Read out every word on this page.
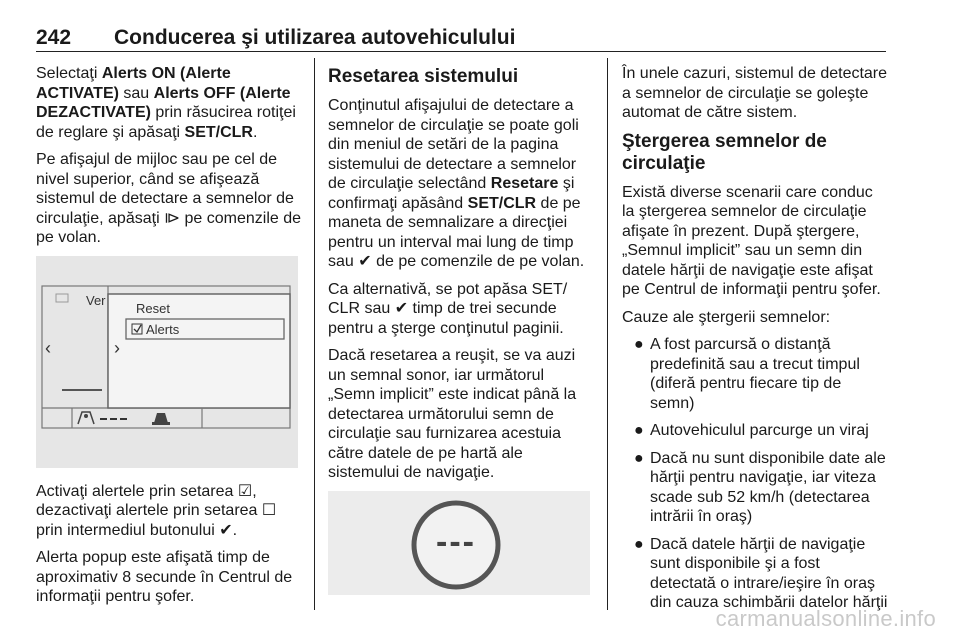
242 Conducerea şi utilizarea autovehiculului

Selectaţi Alerts ON (Alerte ACTIVATE) sau Alerts OFF (Alerte DEZACTIVATE) prin răsucirea rotiţei de reglare şi apăsaţi SET/CLR.

Pe afişajul de mijloc sau pe cel de nivel superior, când se afişează sistemul de detectare a semnelor de circulaţie, apăsaţi ⧐ pe comenzile de pe volan.

Ver
Reset
Alerts
‹	›

Activaţi alertele prin setarea ☑, dezactivaţi alertele prin setarea ☐ prin intermediul butonului ✔.

Alerta popup este afişată timp de aproximativ 8 secunde în Centrul de informaţii pentru şofer.

Resetarea sistemului

Conţinutul afişajului de detectare a semnelor de circulaţie se poate goli din meniul de setări de la pagina sistemului de detectare a semnelor de circulaţie selectând Resetare şi confirmaţi apăsând SET/CLR de pe maneta de semnalizare a direcţiei pentru un interval mai lung de timp sau ✔ de pe comenzile de pe volan.

Ca alternativă, se pot apăsa SET/ CLR sau ✔ timp de trei secunde pentru a şterge conţinutul paginii.

Dacă resetarea a reuşit, se va auzi un semnal sonor, iar următorul „Semn implicit” este indicat până la detectarea următorului semn de circulaţie sau furnizarea acestuia către datele de pe hartă ale sistemului de navigaţie.

---

În unele cazuri, sistemul de detectare a semnelor de circulaţie se goleşte automat de către sistem.

Ştergerea semnelor de circulaţie

Există diverse scenarii care conduc la ştergerea semnelor de circulaţie afişate în prezent. După ştergere, „Semnul implicit” sau un semn din datele hărţii de navigaţie este afişat pe Centrul de informaţii pentru şofer.

Cauze ale ştergerii semnelor:

● A fost parcursă o distanţă predefinită sau a trecut timpul (diferă pentru fiecare tip de semn)
● Autovehiculul parcurge un viraj
● Dacă nu sunt disponibile date ale hărţii pentru navigaţie, iar viteza scade sub 52 km/h (detectarea intrării în oraş)
● Dacă datele hărţii de navigaţie sunt disponibile şi a fost detectată o intrare/ieşire în oraş din cauza schimbării datelor hărţii
carmanualsonline.info
